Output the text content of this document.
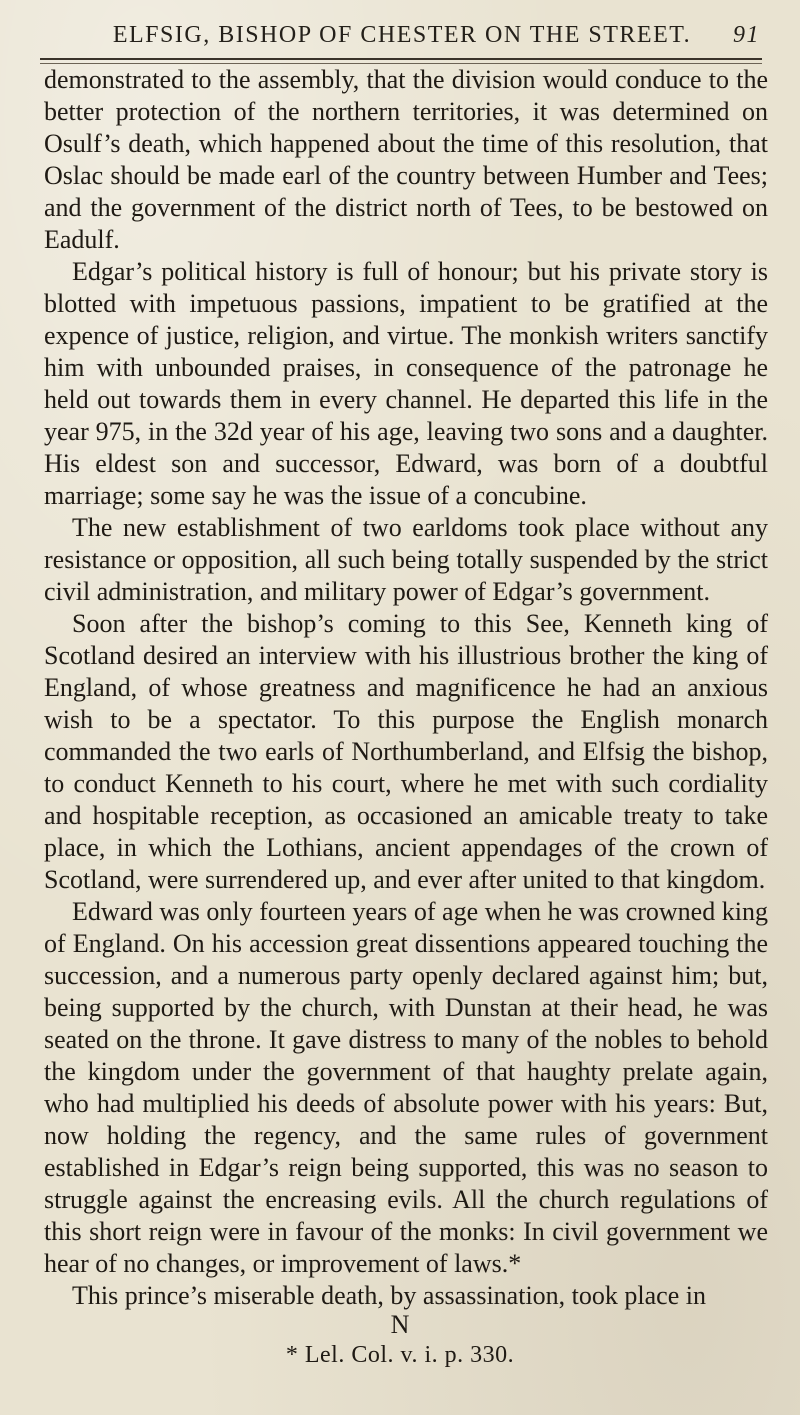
ELFSIG, BISHOP OF CHESTER ON THE STREET.	91

demonstrated to the assembly, that the division would conduce to the better protection of the northern territories, it was determined on Osulf’s death, which happened about the time of this resolution, that Oslac should be made earl of the country between Humber and Tees; and the government of the district north of Tees, to be bestowed on Eadulf.

Edgar’s political history is full of honour; but his private story is blotted with impetuous passions, impatient to be gratified at the expence of justice, religion, and virtue. The monkish writers sanctify him with unbounded praises, in consequence of the patronage he held out towards them in every channel. He departed this life in the year 975, in the 32d year of his age, leaving two sons and a daughter. His eldest son and successor, Edward, was born of a doubtful marriage; some say he was the issue of a concubine.

The new establishment of two earldoms took place without any resistance or opposition, all such being totally suspended by the strict civil administration, and military power of Edgar’s government.

Soon after the bishop’s coming to this See, Kenneth king of Scotland desired an interview with his illustrious brother the king of England, of whose greatness and magnificence he had an anxious wish to be a spectator. To this purpose the English monarch commanded the two earls of Northumberland, and Elfsig the bishop, to conduct Kenneth to his court, where he met with such cordiality and hospitable reception, as occasioned an amicable treaty to take place, in which the Lothians, ancient appendages of the crown of Scotland, were surrendered up, and ever after united to that kingdom.

Edward was only fourteen years of age when he was crowned king of England. On his accession great dissentions appeared touching the succession, and a numerous party openly declared against him; but, being supported by the church, with Dunstan at their head, he was seated on the throne. It gave distress to many of the nobles to behold the kingdom under the government of that haughty prelate again, who had multiplied his deeds of absolute power with his years: But, now holding the regency, and the same rules of government established in Edgar’s reign being supported, this was no season to struggle against the encreasing evils. All the church regulations of this short reign were in favour of the monks: In civil government we hear of no changes, or improvement of laws.*

This prince’s miserable death, by assassination, took place in

N
* Lel. Col. v. i. p. 330.
